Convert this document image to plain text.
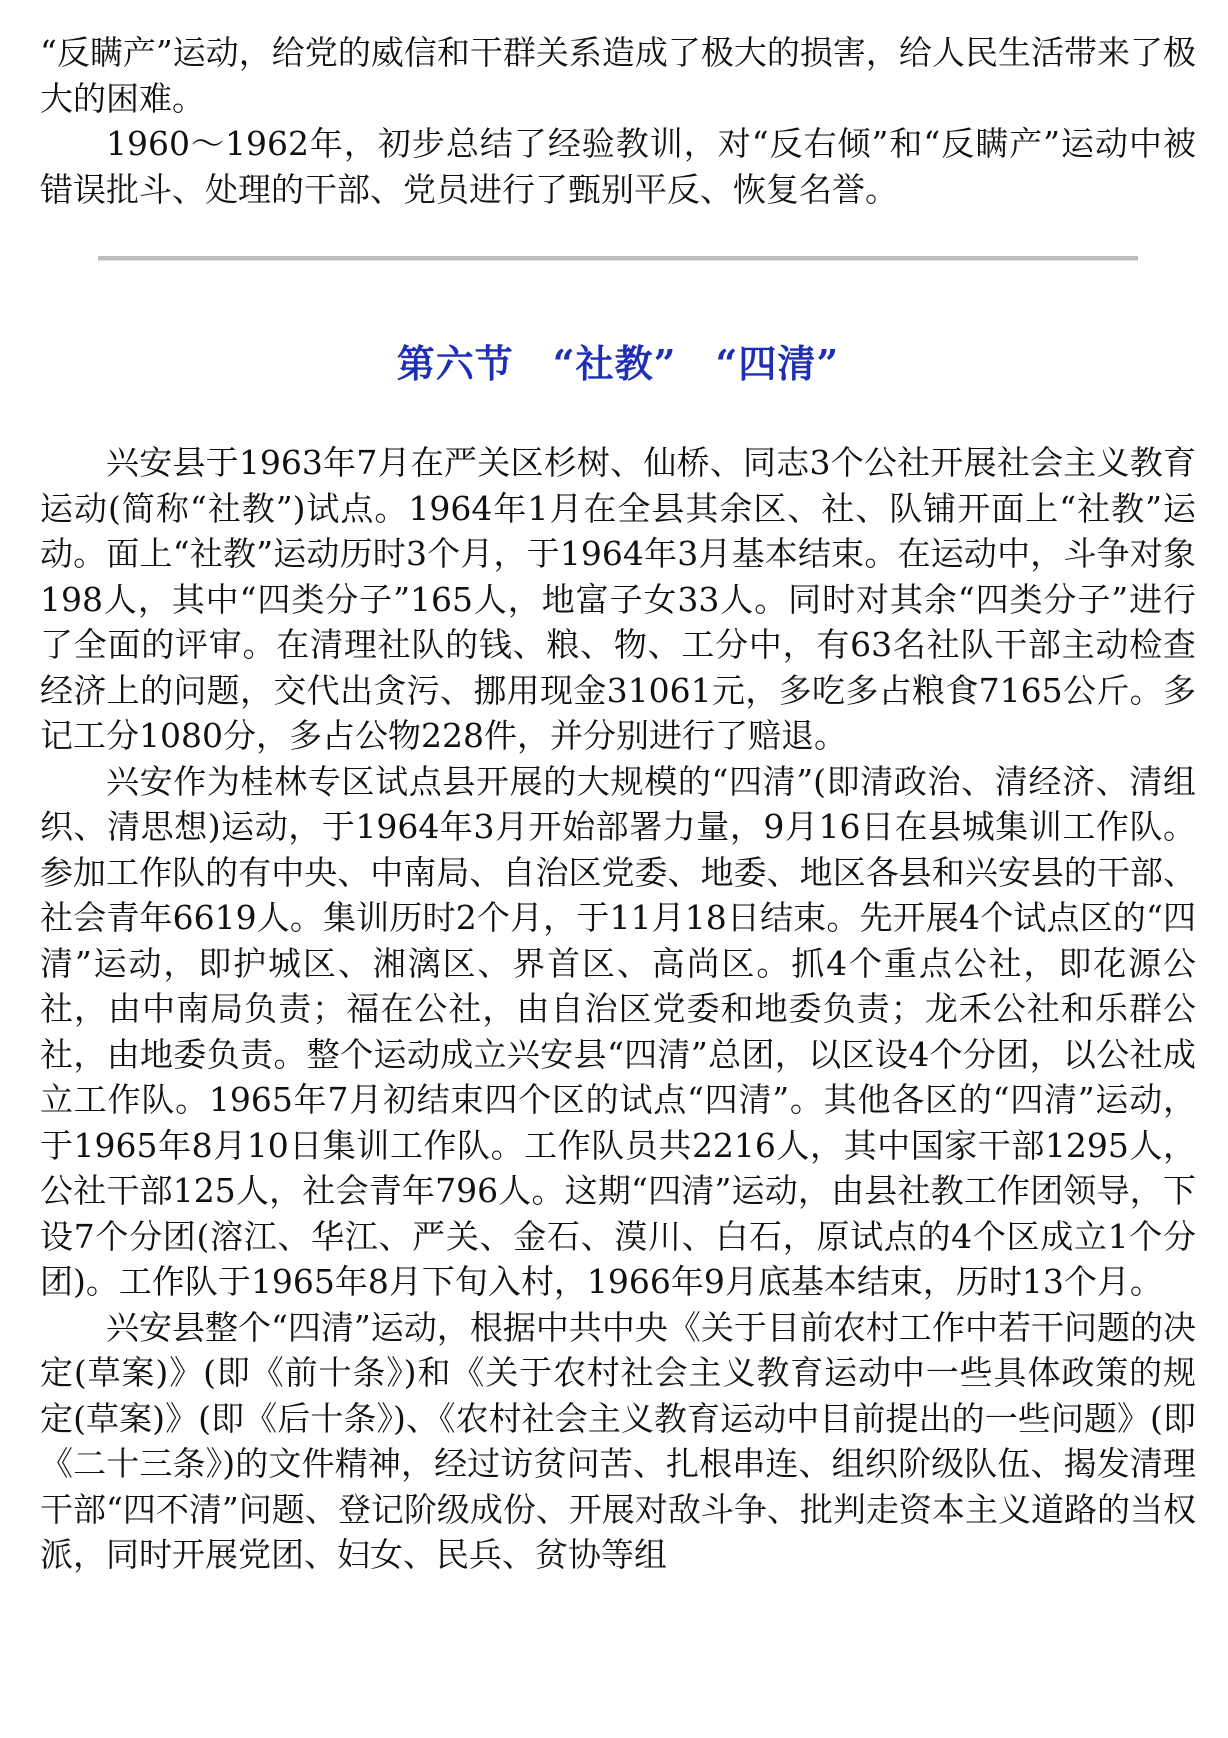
“反瞒产”运动，给党的威信和干群关系造成了极大的损害，给人民生活带来了极大的困难。

1960～1962年，初步总结了经验教训，对“反右倾”和“反瞒产”运动中被错误批斗、处理的干部、党员进行了甄别平反、恢复名誉。

第六节　“社教”　“四清”

兴安县于1963年7月在严关区杉树、仙桥、同志3个公社开展社会主义教育运动(简称“社教”)试点。1964年1月在全县其余区、社、队铺开面上“社教”运动。面上“社教”运动历时3个月，于1964年3月基本结束。在运动中，斗争对象198人，其中“四类分子”165人，地富子女33人。同时对其余“四类分子”进行了全面的评审。在清理社队的钱、粮、物、工分中，有63名社队干部主动检查经济上的问题，交代出贪污、挪用现金31061元，多吃多占粮食7165公斤。多记工分1080分，多占公物228件，并分别进行了赔退。

兴安作为桂林专区试点县开展的大规模的“四清”(即清政治、清经济、清组织、清思想)运动，于1964年3月开始部署力量，9月16日在县城集训工作队。参加工作队的有中央、中南局、自治区党委、地委、地区各县和兴安县的干部、社会青年6619人。集训历时2个月，于11月18日结束。先开展4个试点区的“四清”运动，即护城区、湘漓区、界首区、高尚区。抓4个重点公社，即花源公社，由中南局负责；福在公社，由自治区党委和地委负责；龙禾公社和乐群公社，由地委负责。整个运动成立兴安县“四清”总团，以区设4个分团，以公社成立工作队。1965年7月初结束四个区的试点“四清”。其他各区的“四清”运动，于1965年8月10日集训工作队。工作队员共2216人，其中国家干部1295人，公社干部125人，社会青年796人。这期“四清”运动，由县社教工作团领导，下设7个分团(溶江、华江、严关、金石、漠川、白石，原试点的4个区成立1个分团)。工作队于1965年8月下旬入村，1966年9月底基本结束，历时13个月。

兴安县整个“四清”运动，根据中共中央《关于目前农村工作中若干问题的决定(草案)》(即《前十条》)和《关于农村社会主义教育运动中一些具体政策的规定(草案)》(即《后十条》)、《农村社会主义教育运动中目前提出的一些问题》(即《二十三条》)的文件精神，经过访贫问苦、扎根串连、组织阶级队伍、揭发清理干部“四不清”问题、登记阶级成份、开展对敌斗争、批判走资本主义道路的当权派，同时开展党团、妇女、民兵、贫协等组
